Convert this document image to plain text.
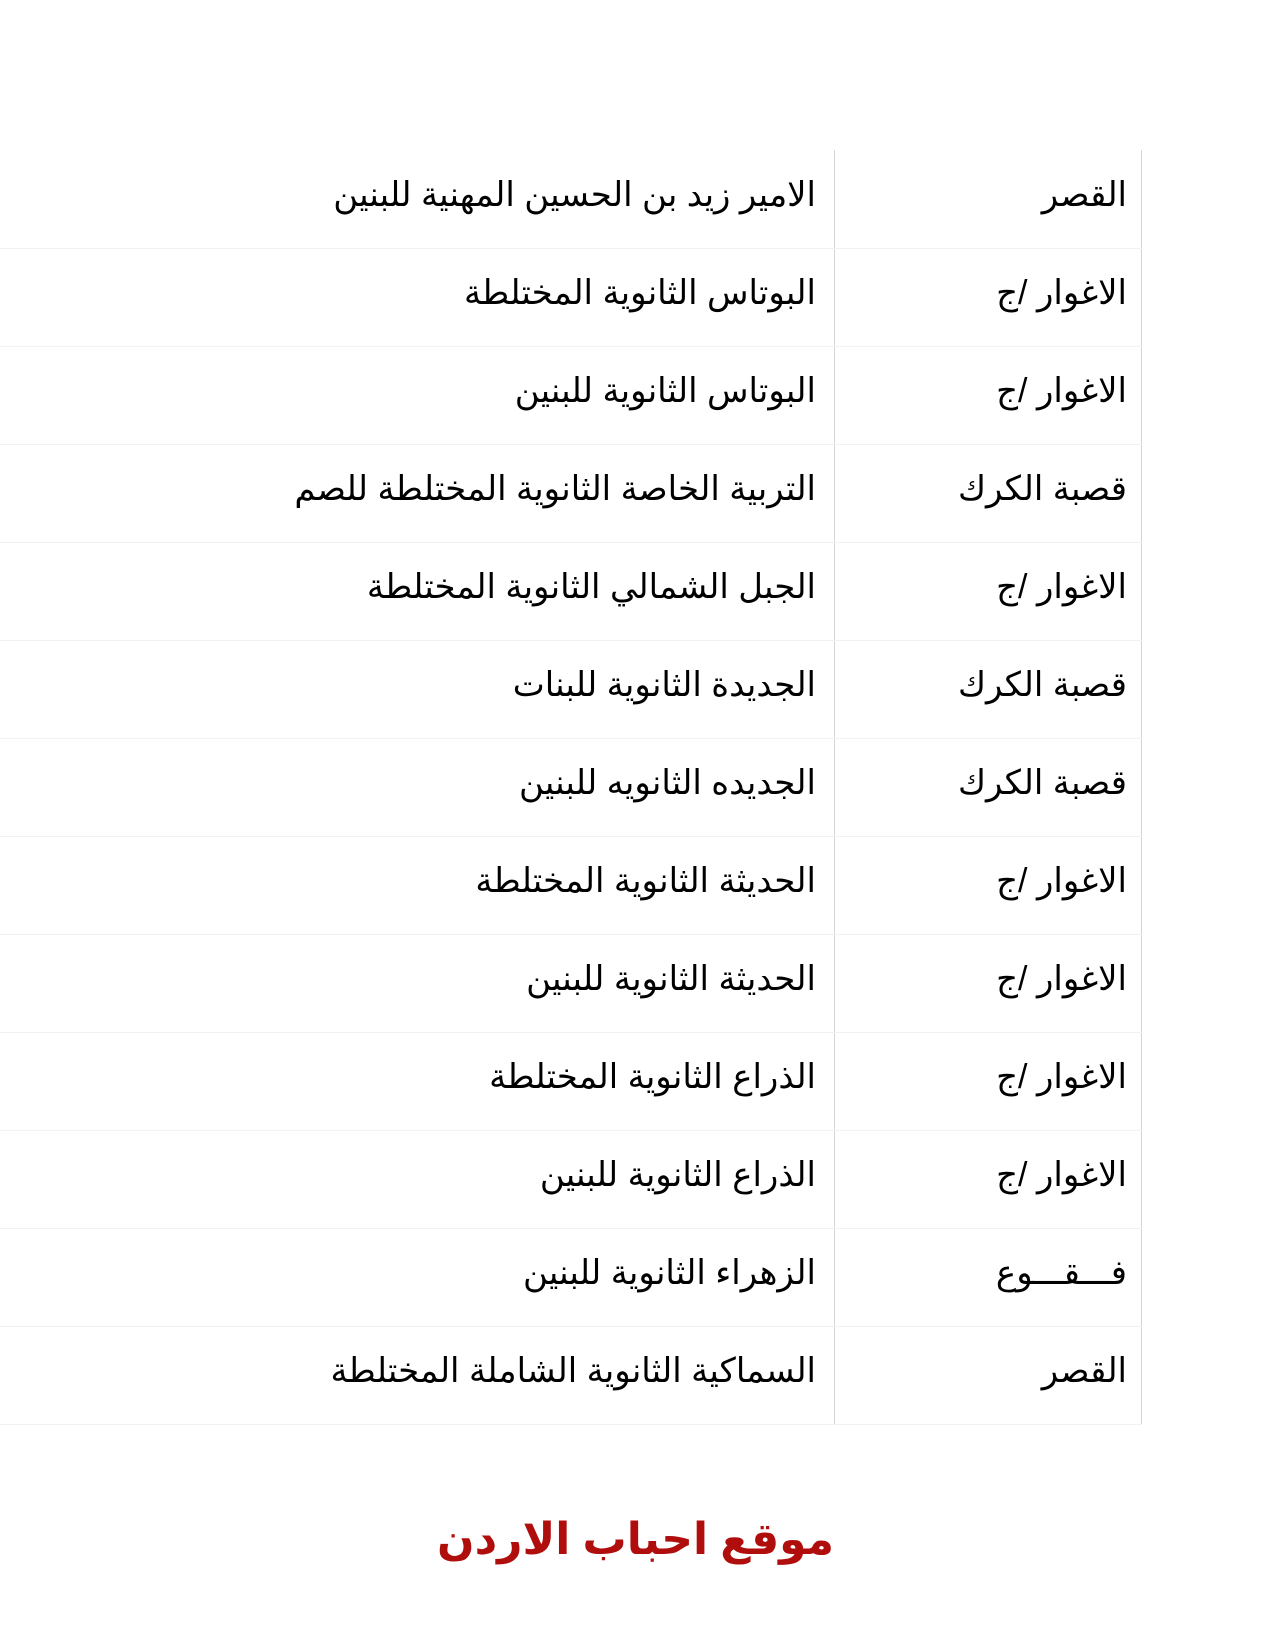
القصر	الامير زيد بن الحسين المهنية للبنين
الاغوار /ج	البوتاس الثانوية المختلطة
الاغوار /ج	البوتاس الثانوية للبنين
قصبة الكرك	التربية الخاصة الثانوية المختلطة للصم
الاغوار /ج	الجبل الشمالي الثانوية المختلطة
قصبة الكرك	الجديدة الثانوية للبنات
قصبة الكرك	الجديده الثانويه للبنين
الاغوار /ج	الحديثة الثانوية المختلطة
الاغوار /ج	الحديثة الثانوية للبنين
الاغوار /ج	الذراع الثانوية المختلطة
الاغوار /ج	الذراع الثانوية للبنين
فـــقـــوع	الزهراء الثانوية للبنين
القصر	السماكية الثانوية الشاملة المختلطة
موقع احباب الاردن
